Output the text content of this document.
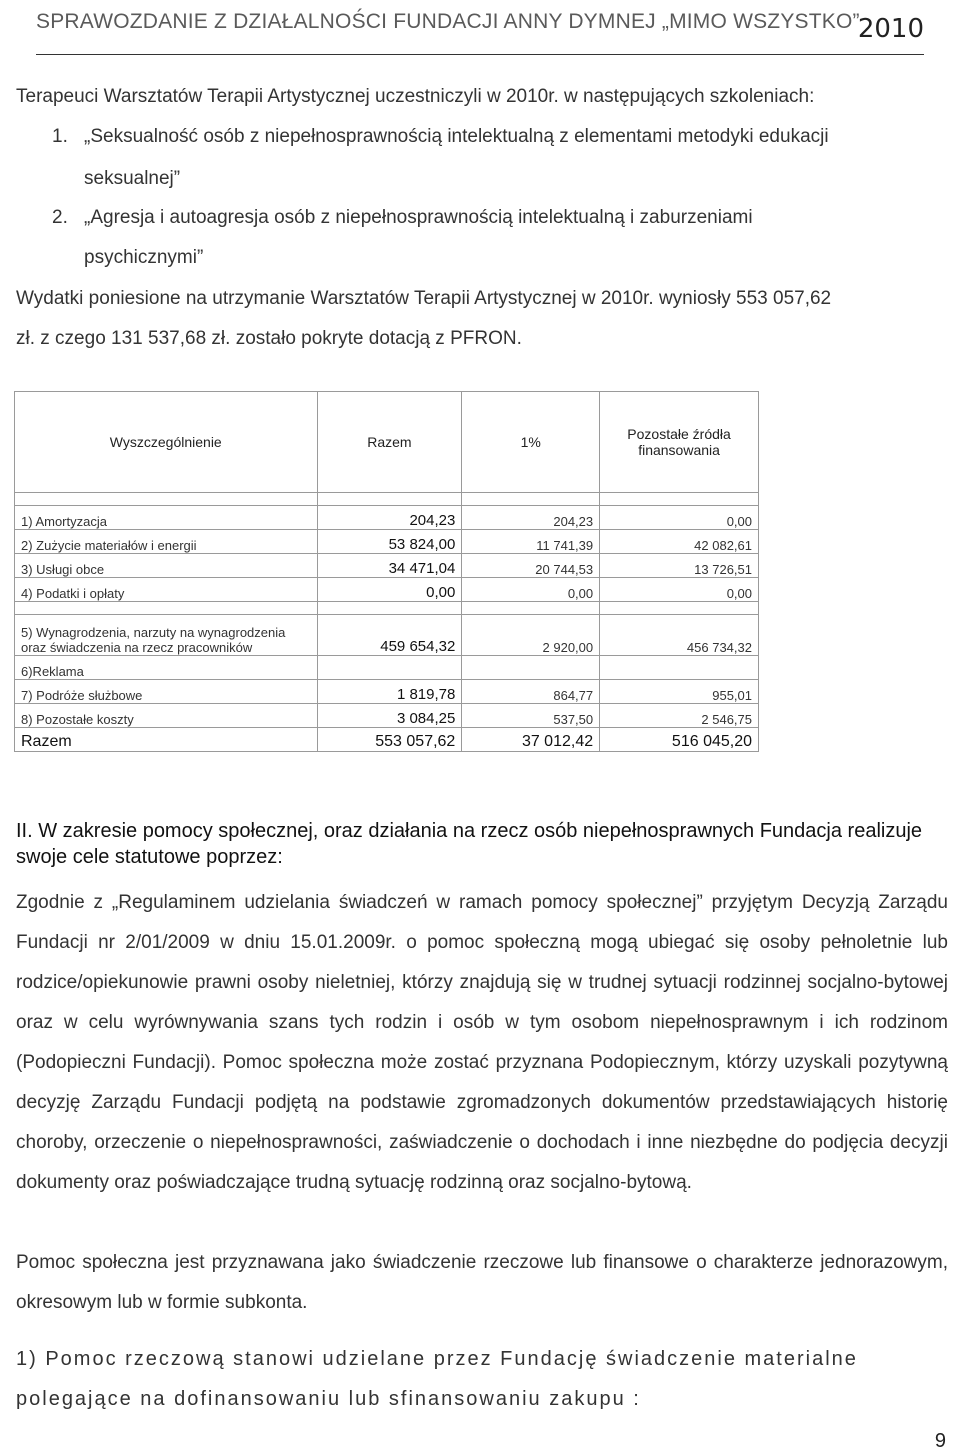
SPRAWOZDANIE Z DZIAŁALNOŚCI FUNDACJI ANNY DYMNEJ „MIMO WSZYSTKO”
2010
Terapeuci Warsztatów Terapii Artystycznej uczestniczyli w 2010r. w następujących szkoleniach:
1. „Seksualność osób z niepełnosprawnością intelektualną z elementami metodyki edukacji
seksualnej”
2. „Agresja i autoagresja osób z niepełnosprawnością intelektualną i zaburzeniami
psychicznymi”
Wydatki poniesione na utrzymanie Warsztatów Terapii Artystycznej w 2010r. wyniosły 553 057,62
zł. z czego 131 537,68 zł. zostało pokryte dotacją z PFRON.
Wyszczególnienie	Razem	1%	Pozostałe źródła finansowania

1) Amortyzacja	204,23	204,23	0,00
2) Zużycie materiałów i energii	53 824,00	11 741,39	42 082,61
3) Usługi obce	34 471,04	20 744,53	13 726,51
4) Podatki i opłaty	0,00	0,00	0,00

5) Wynagrodzenia, narzuty na wynagrodzenia
oraz świadczenia na rzecz pracowników	459 654,32	2 920,00	456 734,32
6)Reklama			
7) Podróże służbowe	1 819,78	864,77	955,01
8) Pozostałe koszty	3 084,25	537,50	2 546,75
Razem	553 057,62	37 012,42	516 045,20
II. W zakresie pomocy społecznej, oraz działania na rzecz osób niepełnosprawnych Fundacja realizuje swoje cele statutowe poprzez:
Zgodnie z „Regulaminem udzielania świadczeń w ramach pomocy społecznej” przyjętym Decyzją Zarządu Fundacji nr 2/01/2009 w dniu 15.01.2009r. o pomoc społeczną mogą ubiegać się osoby pełnoletnie lub rodzice/opiekunowie prawni osoby nieletniej, którzy znajdują się w trudnej sytuacji rodzinnej socjalno-bytowej oraz w celu wyrównywania szans tych rodzin i osób w tym osobom niepełnosprawnym i ich rodzinom (Podopieczni Fundacji). Pomoc społeczna może zostać przyznana Podopiecznym, którzy uzyskali pozytywną decyzję Zarządu Fundacji podjętą na podstawie zgromadzonych dokumentów przedstawiających historię choroby, orzeczenie o niepełnosprawności, zaświadczenie o dochodach i inne niezbędne do podjęcia decyzji dokumenty oraz poświadczające trudną sytuację rodzinną oraz socjalno-bytową.
Pomoc społeczna jest przyznawana jako świadczenie rzeczowe lub finansowe o charakterze jednorazowym, okresowym lub w formie subkonta.
1) Pomoc rzeczową stanowi udzielane przez Fundację świadczenie materialne
polegające na dofinansowaniu lub sfinansowaniu zakupu :
9
